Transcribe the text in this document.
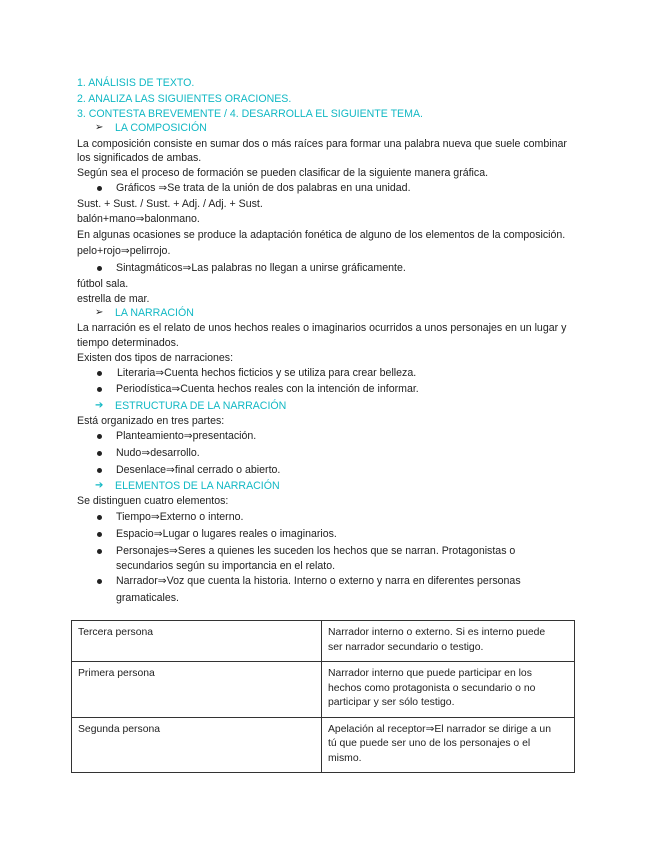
1. ANÁLISIS DE TEXTO.
2. ANALIZA LAS SIGUIENTES ORACIONES.
3. CONTESTA BREVEMENTE / 4. DESARROLLA EL SIGUIENTE TEMA.
➢ LA COMPOSICIÓN
La composición consiste en sumar dos o más raíces para formar una palabra nueva que suele combinar
los significados de ambas.
Según sea el proceso de formación se pueden clasificar de la siguiente manera gráfica.
Gráficos ⇒Se trata de la unión de dos palabras en una unidad.
Sust. + Sust. / Sust. + Adj. / Adj. + Sust.
balón+mano⇒balonmano.
En algunas ocasiones se produce la adaptación fonética de alguno de los elementos de la composición.
pelo+rojo⇒pelirrojo.
Sintagmáticos⇒Las palabras no llegan a unirse gráficamente.
fútbol sala.
estrella de mar.
➢ LA NARRACIÓN
La narración es el relato de unos hechos reales o imaginarios ocurridos a unos personajes en un lugar y
tiempo determinados.
Existen dos tipos de narraciones:
Literaria⇒Cuenta hechos ficticios y se utiliza para crear belleza.
Periodística⇒Cuenta hechos reales con la intención de informar.
➔ ESTRUCTURA DE LA NARRACIÓN
Está organizado en tres partes:
Planteamiento⇒presentación.
Nudo⇒desarrollo.
Desenlace⇒final cerrado o abierto.
➔ ELEMENTOS DE LA NARRACIÓN
Se distinguen cuatro elementos:
Tiempo⇒Externo o interno.
Espacio⇒Lugar o lugares reales o imaginarios.
Personajes⇒Seres a quienes les suceden los hechos que se narran. Protagonistas o
secundarios según su importancia en el relato.
Narrador⇒Voz que cuenta la historia. Interno o externo y narra en diferentes personas
gramaticales.
Tercera persona	Narrador interno o externo. Si es interno puede
ser narrador secundario o testigo.

Primera persona	Narrador interno que puede participar en los
hechos como protagonista o secundario o no
participar y ser sólo testigo.

Segunda persona	Apelación al receptor⇒El narrador se dirige a un
tú que puede ser uno de los personajes o el
mismo.
